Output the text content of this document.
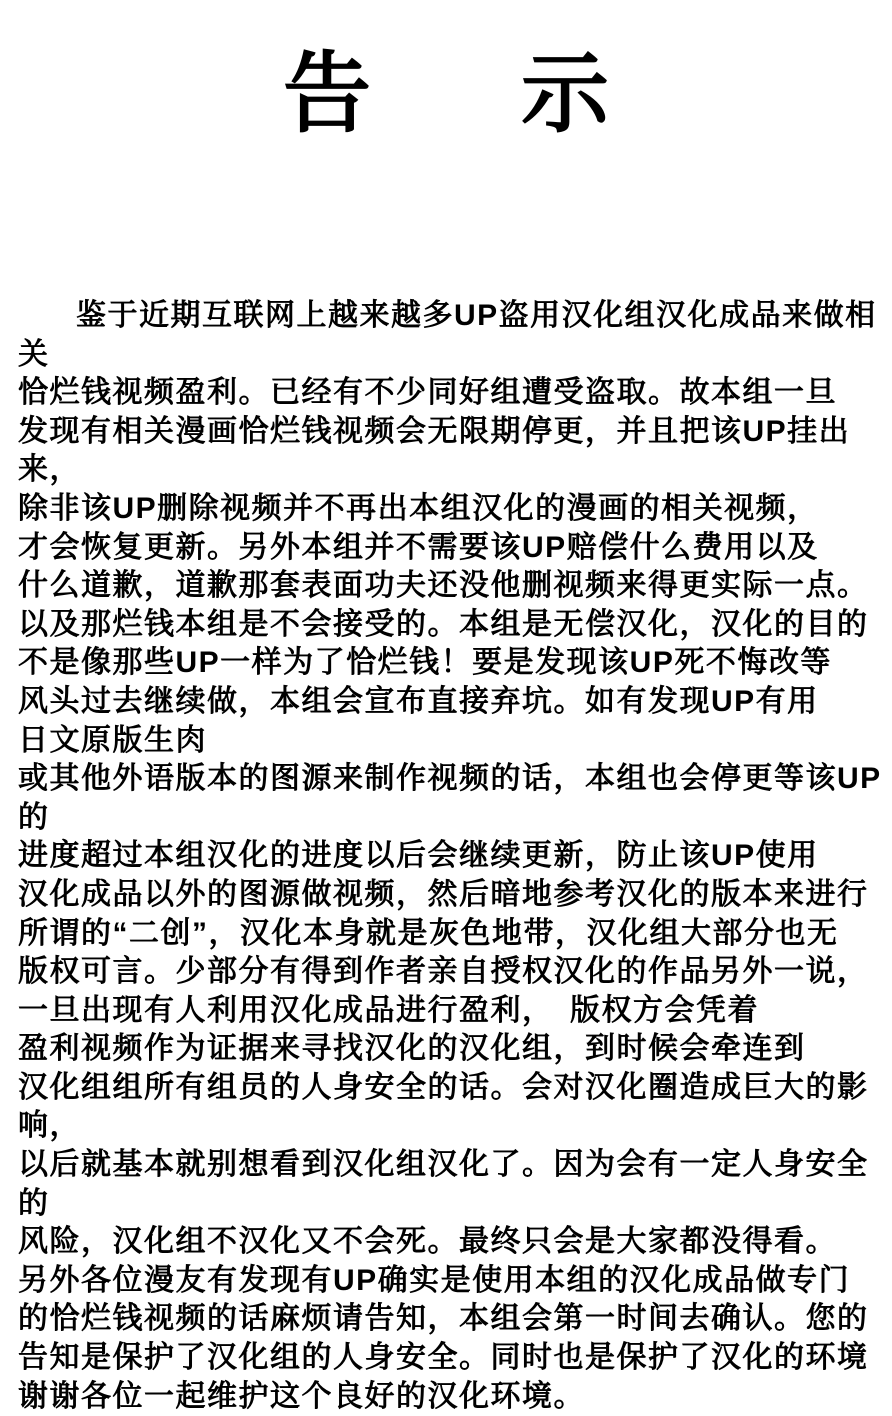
告 示
鉴于近期互联网上越来越多UP盗用汉化组汉化成品来做相关
恰烂钱视频盈利。已经有不少同好组遭受盗取。故本组一旦
发现有相关漫画恰烂钱视频会无限期停更，并且把该UP挂出来，
除非该UP删除视频并不再出本组汉化的漫画的相关视频，
才会恢复更新。另外本组并不需要该UP赔偿什么费用以及
什么道歉，道歉那套表面功夫还没他删视频来得更实际一点。
以及那烂钱本组是不会接受的。本组是无偿汉化，汉化的目的
不是像那些UP一样为了恰烂钱！要是发现该UP死不悔改等
风头过去继续做，本组会宣布直接弃坑。如有发现UP有用
日文原版生肉
或其他外语版本的图源来制作视频的话，本组也会停更等该UP的
进度超过本组汉化的进度以后会继续更新，防止该UP使用
汉化成品以外的图源做视频，然后暗地参考汉化的版本来进行
所谓的“二创”，汉化本身就是灰色地带，汉化组大部分也无
版权可言。少部分有得到作者亲自授权汉化的作品另外一说，
一旦出现有人利用汉化成品进行盈利，　版权方会凭着
盈利视频作为证据来寻找汉化的汉化组，到时候会牵连到
汉化组组所有组员的人身安全的话。会对汉化圈造成巨大的影响，
以后就基本就别想看到汉化组汉化了。因为会有一定人身安全的
风险，汉化组不汉化又不会死。最终只会是大家都没得看。
另外各位漫友有发现有UP确实是使用本组的汉化成品做专门
的恰烂钱视频的话麻烦请告知，本组会第一时间去确认。您的
告知是保护了汉化组的人身安全。同时也是保护了汉化的环境
谢谢各位一起维护这个良好的汉化环境。
